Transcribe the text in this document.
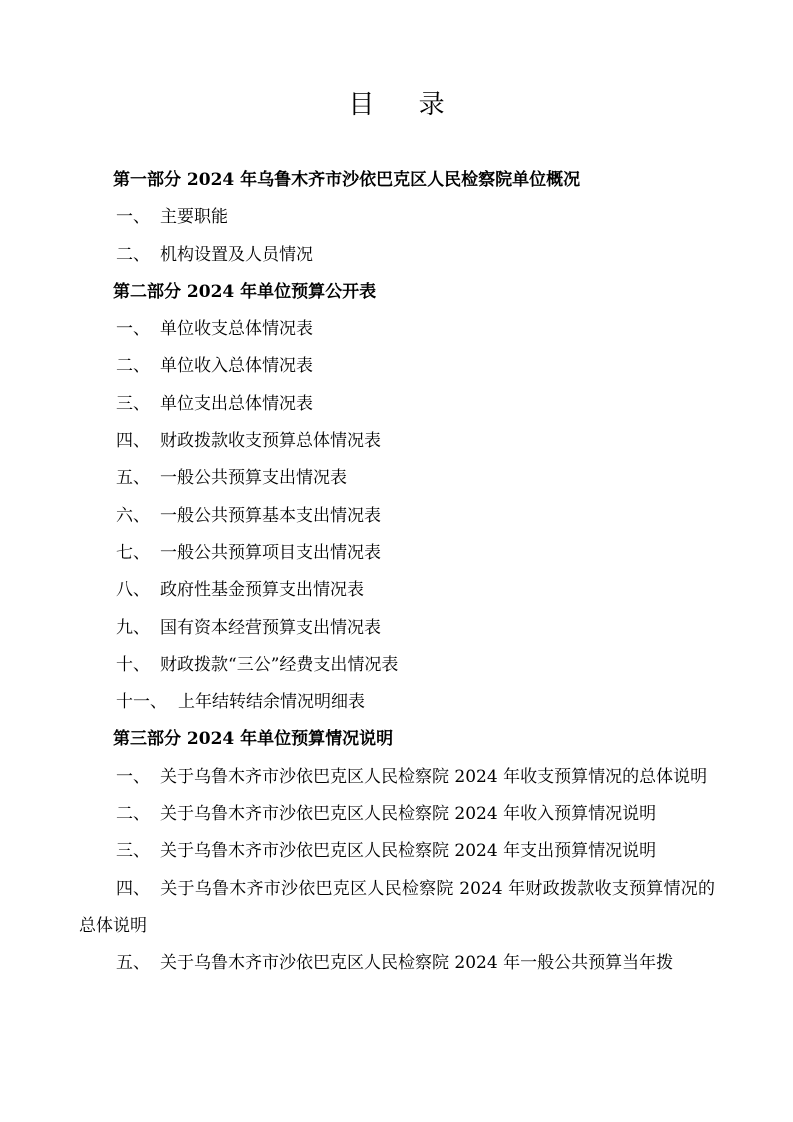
目 录
第一部分 2024 年乌鲁木齐市沙依巴克区人民检察院单位概况
一、 主要职能
二、 机构设置及人员情况
第二部分 2024 年单位预算公开表
一、 单位收支总体情况表
二、 单位收入总体情况表
三、 单位支出总体情况表
四、 财政拨款收支预算总体情况表
五、 一般公共预算支出情况表
六、 一般公共预算基本支出情况表
七、 一般公共预算项目支出情况表
八、 政府性基金预算支出情况表
九、 国有资本经营预算支出情况表
十、 财政拨款“三公”经费支出情况表
十一、 上年结转结余情况明细表
第三部分 2024 年单位预算情况说明
一、 关于乌鲁木齐市沙依巴克区人民检察院 2024 年收支预算情况的总体说明
二、 关于乌鲁木齐市沙依巴克区人民检察院 2024 年收入预算情况说明
三、 关于乌鲁木齐市沙依巴克区人民检察院 2024 年支出预算情况说明
四、 关于乌鲁木齐市沙依巴克区人民检察院 2024 年财政拨款收支预算情况的总体说明
五、 关于乌鲁木齐市沙依巴克区人民检察院 2024 年一般公共预算当年拨
